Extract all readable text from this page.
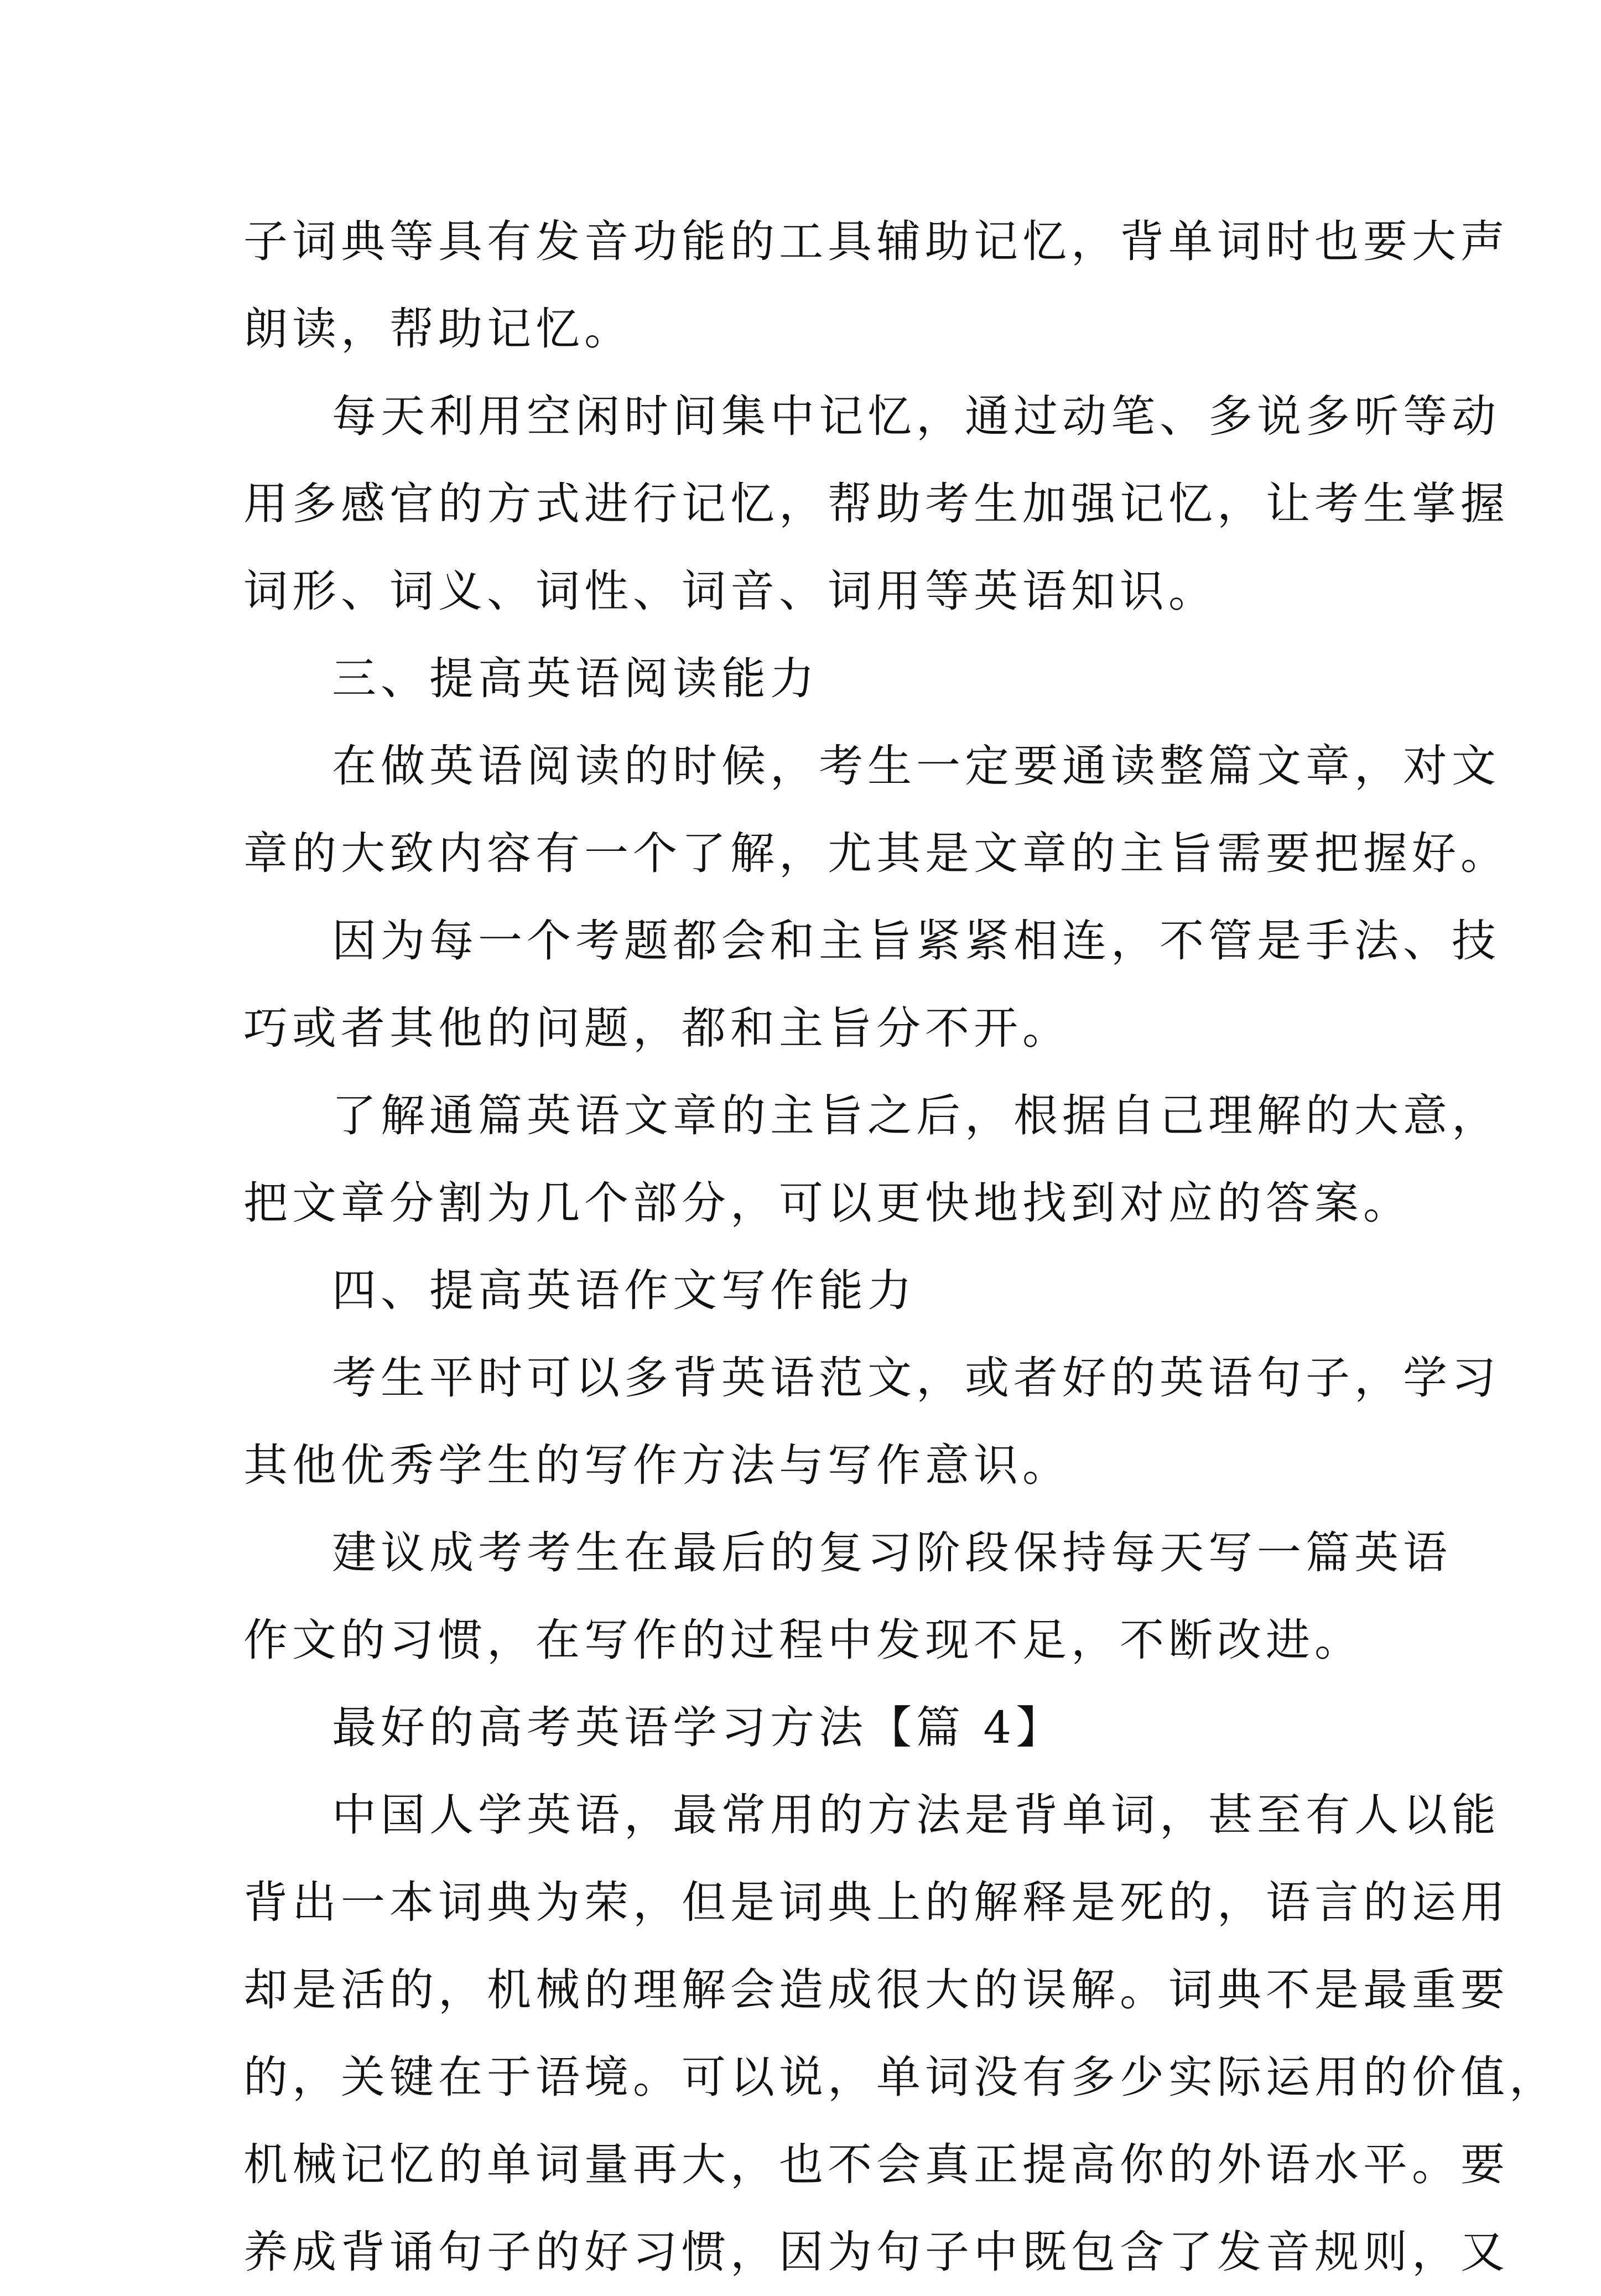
子词典等具有发音功能的工具辅助记忆，背单词时也要大声
朗读，帮助记忆。
每天利用空闲时间集中记忆，通过动笔、多说多听等动
用多感官的方式进行记忆，帮助考生加强记忆，让考生掌握
词形、词义、词性、词音、词用等英语知识。
三、提高英语阅读能力
在做英语阅读的时候，考生一定要通读整篇文章，对文
章的大致内容有一个了解，尤其是文章的主旨需要把握好。
因为每一个考题都会和主旨紧紧相连，不管是手法、技
巧或者其他的问题，都和主旨分不开。
了解通篇英语文章的主旨之后，根据自己理解的大意，
把文章分割为几个部分，可以更快地找到对应的答案。
四、提高英语作文写作能力
考生平时可以多背英语范文，或者好的英语句子，学习
其他优秀学生的写作方法与写作意识。
建议成考考生在最后的复习阶段保持每天写一篇英语
作文的习惯，在写作的过程中发现不足，不断改进。
最好的高考英语学习方法【篇 4】
中国人学英语，最常用的方法是背单词，甚至有人以能
背出一本词典为荣，但是词典上的解释是死的，语言的运用
却是活的，机械的理解会造成很大的误解。词典不是最重要
的，关键在于语境。可以说，单词没有多少实际运用的价值，
机械记忆的单词量再大，也不会真正提高你的外语水平。要
养成背诵句子的好习惯，因为句子中既包含了发音规则，又
